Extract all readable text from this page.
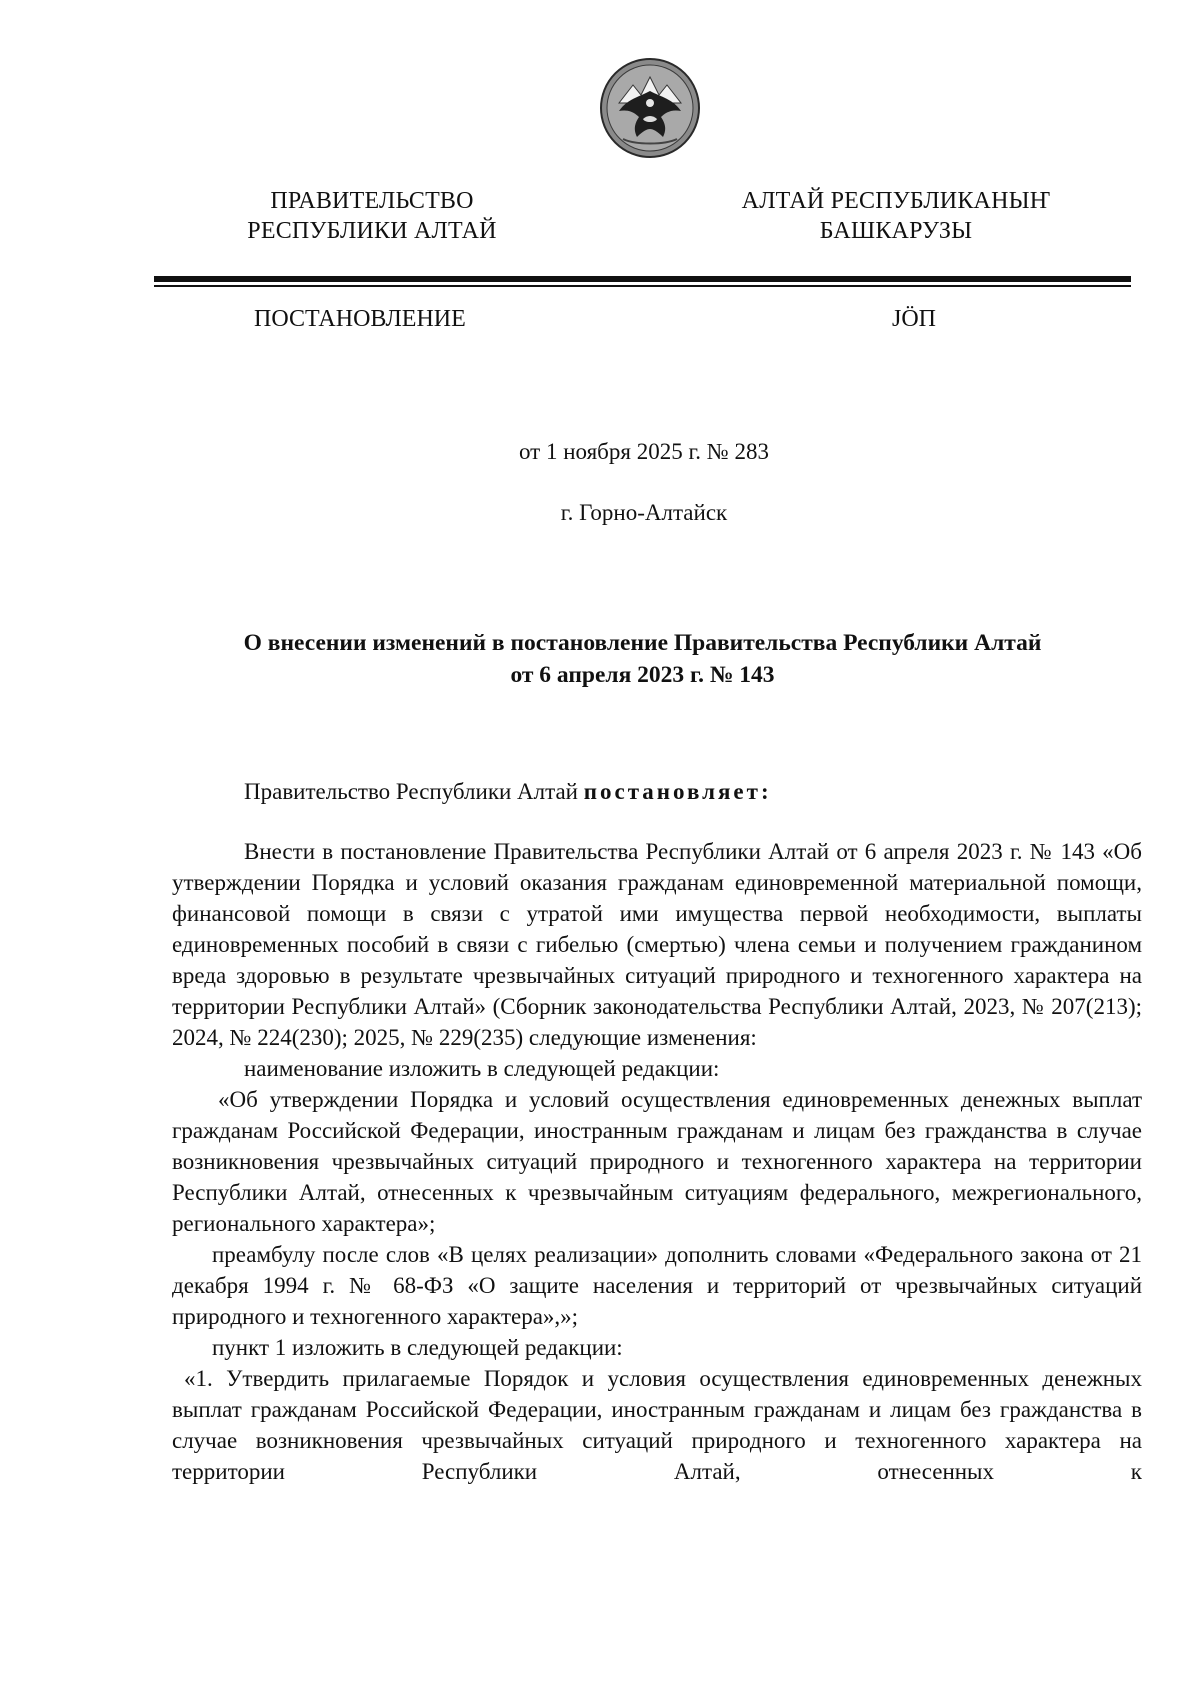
ПРАВИТЕЛЬСТВО
РЕСПУБЛИКИ АЛТАЙ
АЛТАЙ РЕСПУБЛИКАНЫҤ
БАШКАРУЗЫ
ПОСТАНОВЛЕНИЕ	JÖП
от 1 ноября 2025 г. № 283
г. Горно-Алтайск
О внесении изменений в постановление Правительства Республики Алтай
от 6 апреля 2023 г. № 143
Правительство Республики Алтай постановляет:

Внести в постановление Правительства Республики Алтай от 6 апреля 2023 г. № 143 «Об утверждении Порядка и условий оказания гражданам единовременной материальной помощи, финансовой помощи в связи с утратой ими имущества первой необходимости, выплаты единовременных пособий в связи с гибелью (смертью) члена семьи и получением гражданином вреда здоровью в результате чрезвычайных ситуаций природного и техногенного характера на территории Республики Алтай» (Сборник законодательства Республики Алтай, 2023, № 207(213); 2024, № 224(230); 2025, № 229(235) следующие изменения:

наименование изложить в следующей редакции:

«Об утверждении Порядка и условий осуществления единовременных денежных выплат гражданам Российской Федерации, иностранным гражданам и лицам без гражданства в случае возникновения чрезвычайных ситуаций природного и техногенного характера на территории Республики Алтай, отнесенных к чрезвычайным ситуациям федерального, межрегионального, регионального характера»;

преамбулу после слов «В целях реализации» дополнить словами «Федерального закона от 21 декабря 1994 г. № 68-ФЗ «О защите населения и территорий от чрезвычайных ситуаций природного и техногенного характера»,»;

пункт 1 изложить в следующей редакции:

«1. Утвердить прилагаемые Порядок и условия осуществления единовременных денежных выплат гражданам Российской Федерации, иностранным гражданам и лицам без гражданства в случае возникновения чрезвычайных ситуаций природного и техногенного характера на территории Республики Алтай, отнесенных к
